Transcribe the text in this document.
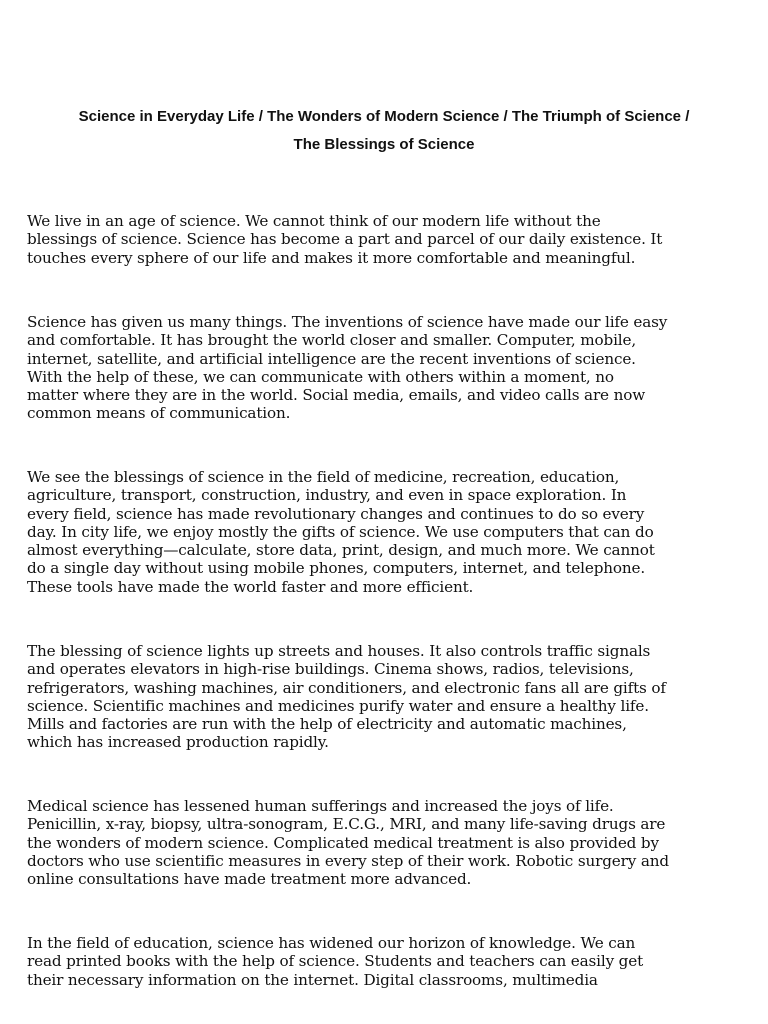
Science in Everyday Life / The Wonders of Modern Science / The Triumph of Science /
The Blessings of Science
We live in an age of science. We cannot think of our modern life without the
blessings of science. Science has become a part and parcel of our daily existence. It
touches every sphere of our life and makes it more comfortable and meaningful.
Science has given us many things. The inventions of science have made our life easy
and comfortable. It has brought the world closer and smaller. Computer, mobile,
internet, satellite, and artificial intelligence are the recent inventions of science.
With the help of these, we can communicate with others within a moment, no
matter where they are in the world. Social media, emails, and video calls are now
common means of communication.
We see the blessings of science in the field of medicine, recreation, education,
agriculture, transport, construction, industry, and even in space exploration. In
every field, science has made revolutionary changes and continues to do so every
day. In city life, we enjoy mostly the gifts of science. We use computers that can do
almost everything—calculate, store data, print, design, and much more. We cannot
do a single day without using mobile phones, computers, internet, and telephone.
These tools have made the world faster and more efficient.
The blessing of science lights up streets and houses. It also controls traffic signals
and operates elevators in high-rise buildings. Cinema shows, radios, televisions,
refrigerators, washing machines, air conditioners, and electronic fans all are gifts of
science. Scientific machines and medicines purify water and ensure a healthy life.
Mills and factories are run with the help of electricity and automatic machines,
which has increased production rapidly.
Medical science has lessened human sufferings and increased the joys of life.
Penicillin, x-ray, biopsy, ultra-sonogram, E.C.G., MRI, and many life-saving drugs are
the wonders of modern science. Complicated medical treatment is also provided by
doctors who use scientific measures in every step of their work. Robotic surgery and
online consultations have made treatment more advanced.
In the field of education, science has widened our horizon of knowledge. We can
read printed books with the help of science. Students and teachers can easily get
their necessary information on the internet. Digital classrooms, multimedia
